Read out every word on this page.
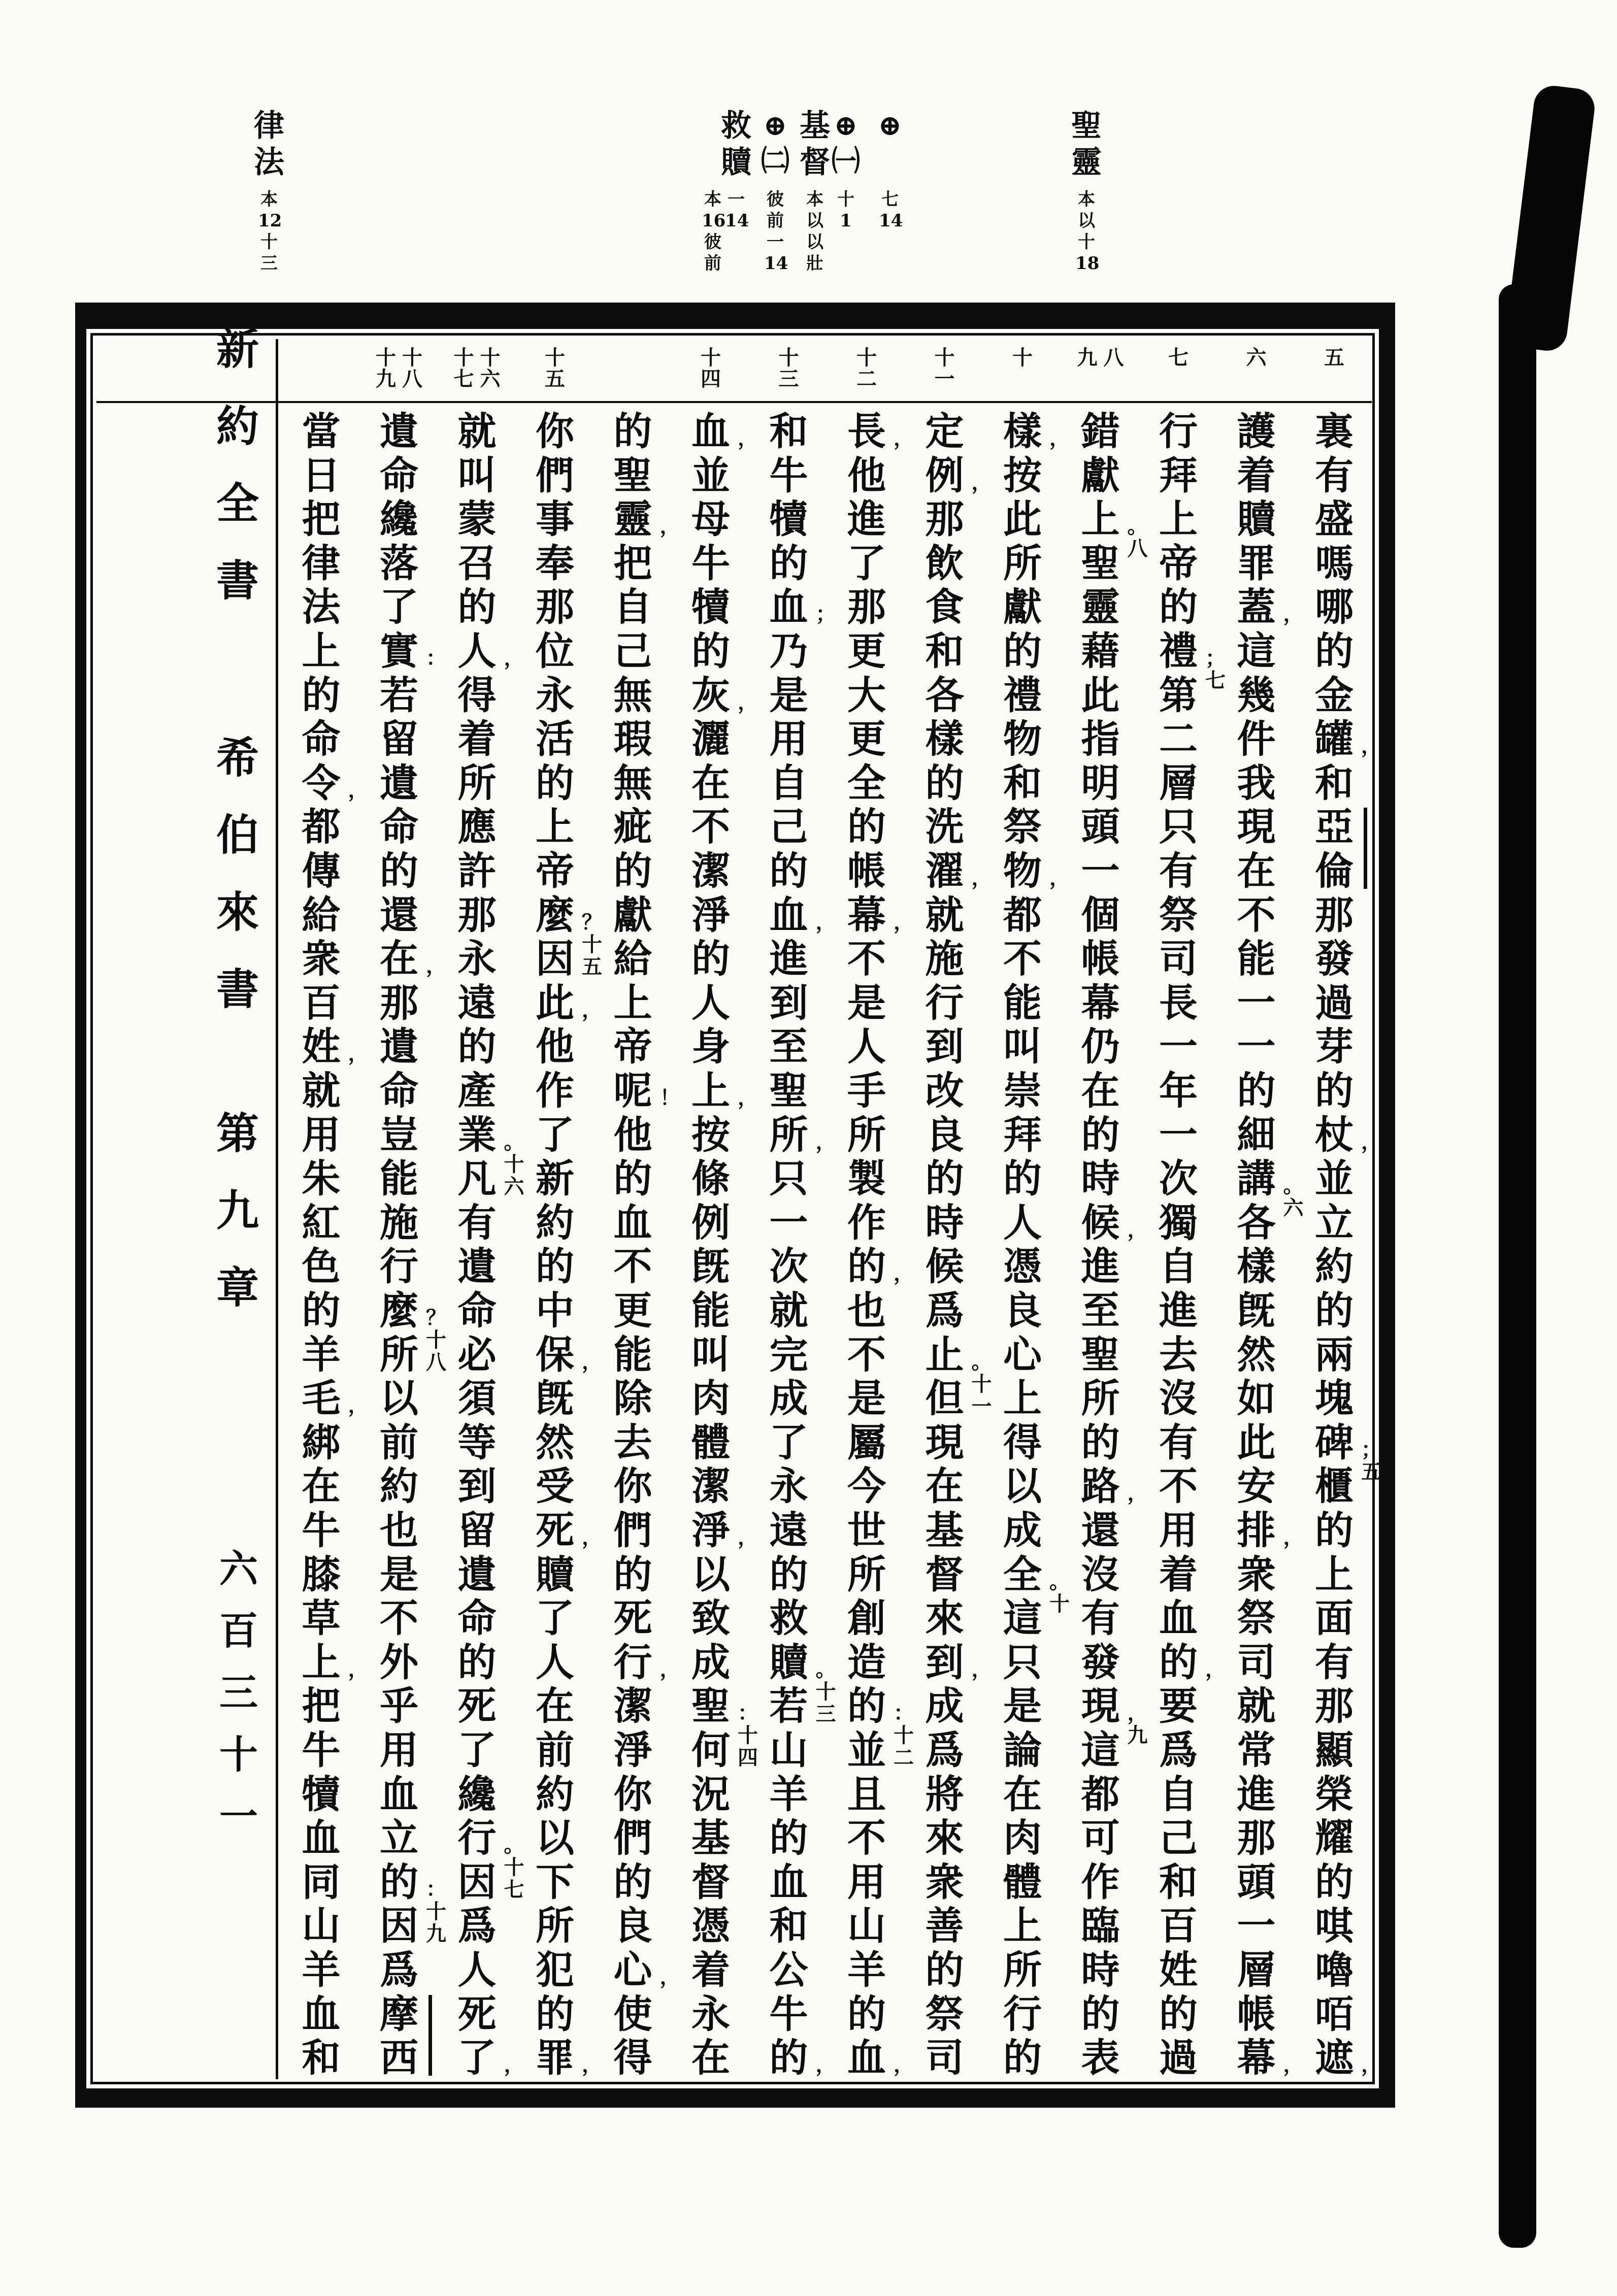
律
法
本
12
十
三
救
贖
一
14
本
16
彼
前
⊕
㈡
彼
前
一
14
基
督
本
以
以
壯
⊕
㈠
十
1
⊕
七
14
聖
靈
本
以
十
18
五
六
七
八
九
十
十
一
十
二
十
三
十
四
十
五
十
六
十
七
十
八
十
九
新
約
全
書
希
伯
來
書
第
九
章
六
百
三
十
一
裏
有
盛
嗎
哪
的
金
罐
和
亞
倫
那
發
過
芽
的
杖
並
立
約
的
兩
塊
碑
櫃
的
上
面
有
那
顯
榮
耀
的
唭
嚕
咟
遮
，
，
；
五
，
護
着
贖
罪
蓋
這
幾
件
我
現
在
不
能
一
一
的
細
講
各
樣
旣
然
如
此
安
排
衆
祭
司
就
常
進
那
頭
一
層
帳
幕
，
。
六
，
，
行
拜
上
帝
的
禮
第
二
層
只
有
祭
司
長
一
年
一
次
獨
自
進
去
沒
有
不
用
着
血
的
要
爲
自
己
和
百
姓
的
過
；
七
，
錯
獻
上
聖
靈
藉
此
指
明
頭
一
個
帳
幕
仍
在
的
時
候
進
至
聖
所
的
路
還
沒
有
發
現
這
都
可
作
臨
時
的
表
。
八
，
，
，
九
樣
按
此
所
獻
的
禮
物
和
祭
物
都
不
能
叫
崇
拜
的
人
憑
良
心
上
得
以
成
全
這
只
是
論
在
肉
體
上
所
行
的
，
，
。
十
定
例
那
飲
食
和
各
樣
的
洗
濯
就
施
行
到
改
良
的
時
候
爲
止
但
現
在
基
督
來
到
成
爲
將
來
衆
善
的
祭
司
，
，
。
十
一
，
長
他
進
了
那
更
大
更
全
的
帳
幕
不
是
人
手
所
製
作
的
也
不
是
屬
今
世
所
創
造
的
並
且
不
用
山
羊
的
血
，
，
，
：
十
二
，
和
牛
犢
的
血
乃
是
用
自
己
的
血
進
到
至
聖
所
只
一
次
就
完
成
了
永
遠
的
救
贖
若
山
羊
的
血
和
公
牛
的
；
，
，
。
十
三
，
血
並
母
牛
犢
的
灰
灑
在
不
潔
淨
的
人
身
上
按
條
例
旣
能
叫
肉
體
潔
淨
以
致
成
聖
何
況
基
督
憑
着
永
在
，
，
，
，
：
十
四
的
聖
靈
把
自
己
無
瑕
無
疵
的
獻
給
上
帝
呢
他
的
血
不
更
能
除
去
你
們
的
死
行
潔
淨
你
們
的
良
心
使
得
，
！
，
，
你
們
事
奉
那
位
永
活
的
上
帝
麼
因
此
他
作
了
新
約
的
中
保
旣
然
受
死
贖
了
人
在
前
約
以
下
所
犯
的
罪
？
十
五
，
，
，
，
就
叫
蒙
召
的
人
得
着
所
應
許
那
永
遠
的
產
業
凡
有
遺
命
必
須
等
到
留
遺
命
的
死
了
纔
行
因
爲
人
死
了
，
。
十
六
。
十
七
，
遺
命
纔
落
了
實
若
留
遺
命
的
還
在
那
遺
命
豈
能
施
行
麼
所
以
前
約
也
是
不
外
乎
用
血
立
的
因
爲
摩
西
：
，
？
十
八
：
十
九
當
日
把
律
法
上
的
命
令
都
傳
給
衆
百
姓
就
用
朱
紅
色
的
羊
毛
綁
在
牛
膝
草
上
把
牛
犢
血
同
山
羊
血
和
，
，
，
，
